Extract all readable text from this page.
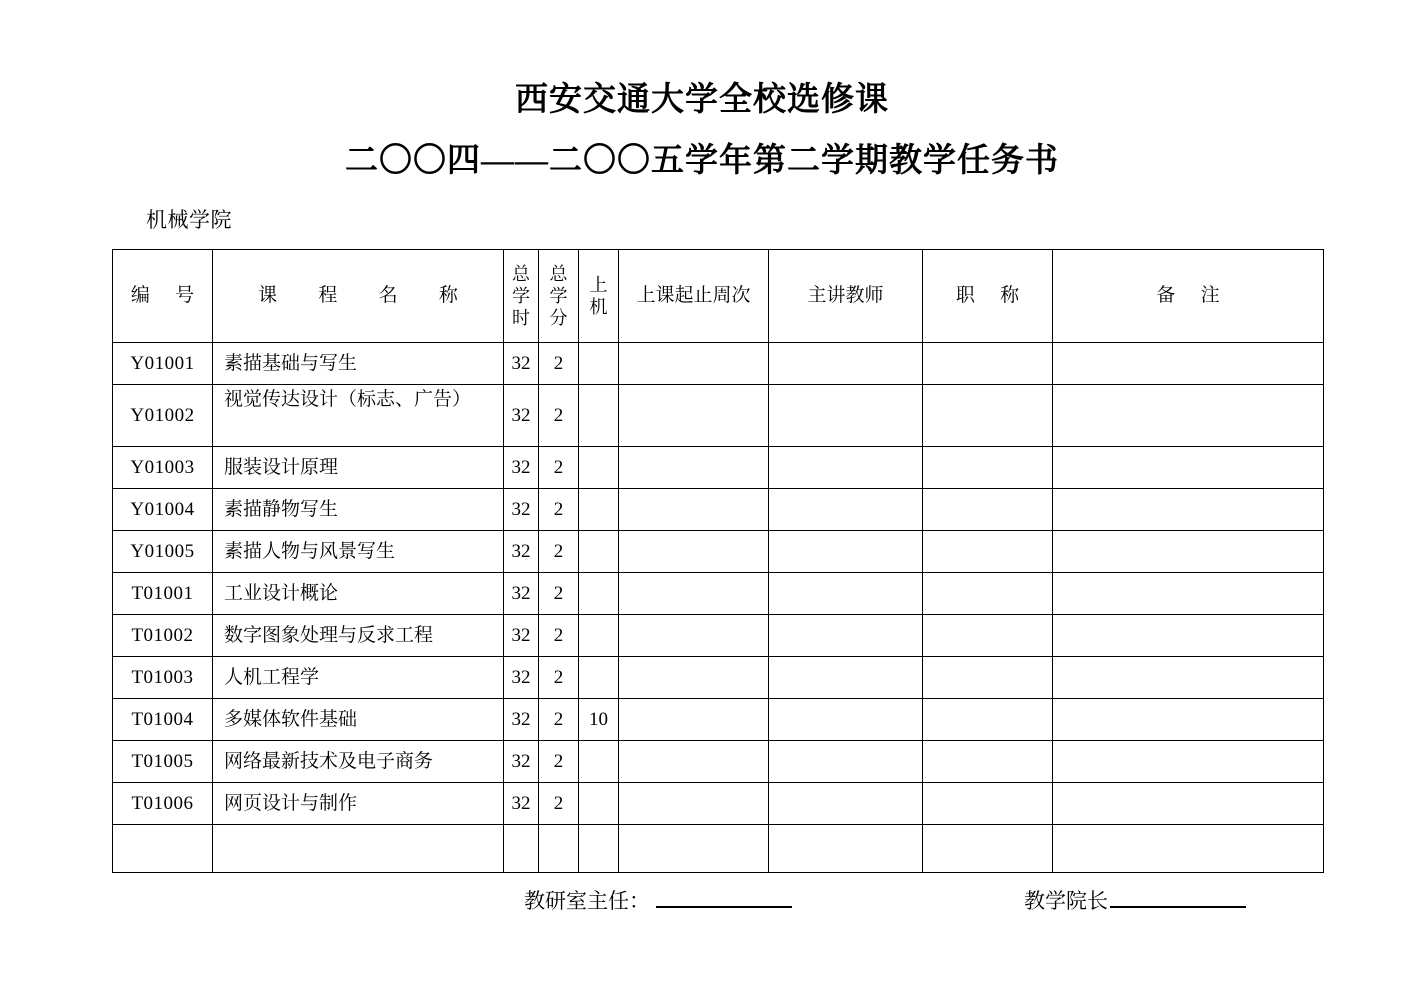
西安交通大学全校选修课
二〇〇四——二〇〇五学年第二学期教学任务书
机械学院
编 号	课 程 名 称	总学时	总学分	上机	上课起止周次	主讲教师	职 称	备 注

Y01001	素描基础与写生	32	2					

Y01002	视觉传达设计（标志、广告）	32	2					

Y01003	服装设计原理	32	2					

Y01004	素描静物写生	32	2					

Y01005	素描人物与风景写生	32	2					

T01001	工业设计概论	32	2					

T01002	数字图象处理与反求工程	32	2					

T01003	人机工程学	32	2					

T01004	多媒体软件基础	32	2	10				

T01005	网络最新技术及电子商务	32	2					

T01006	网页设计与制作	32	2					

教研室主任：	教学院长
